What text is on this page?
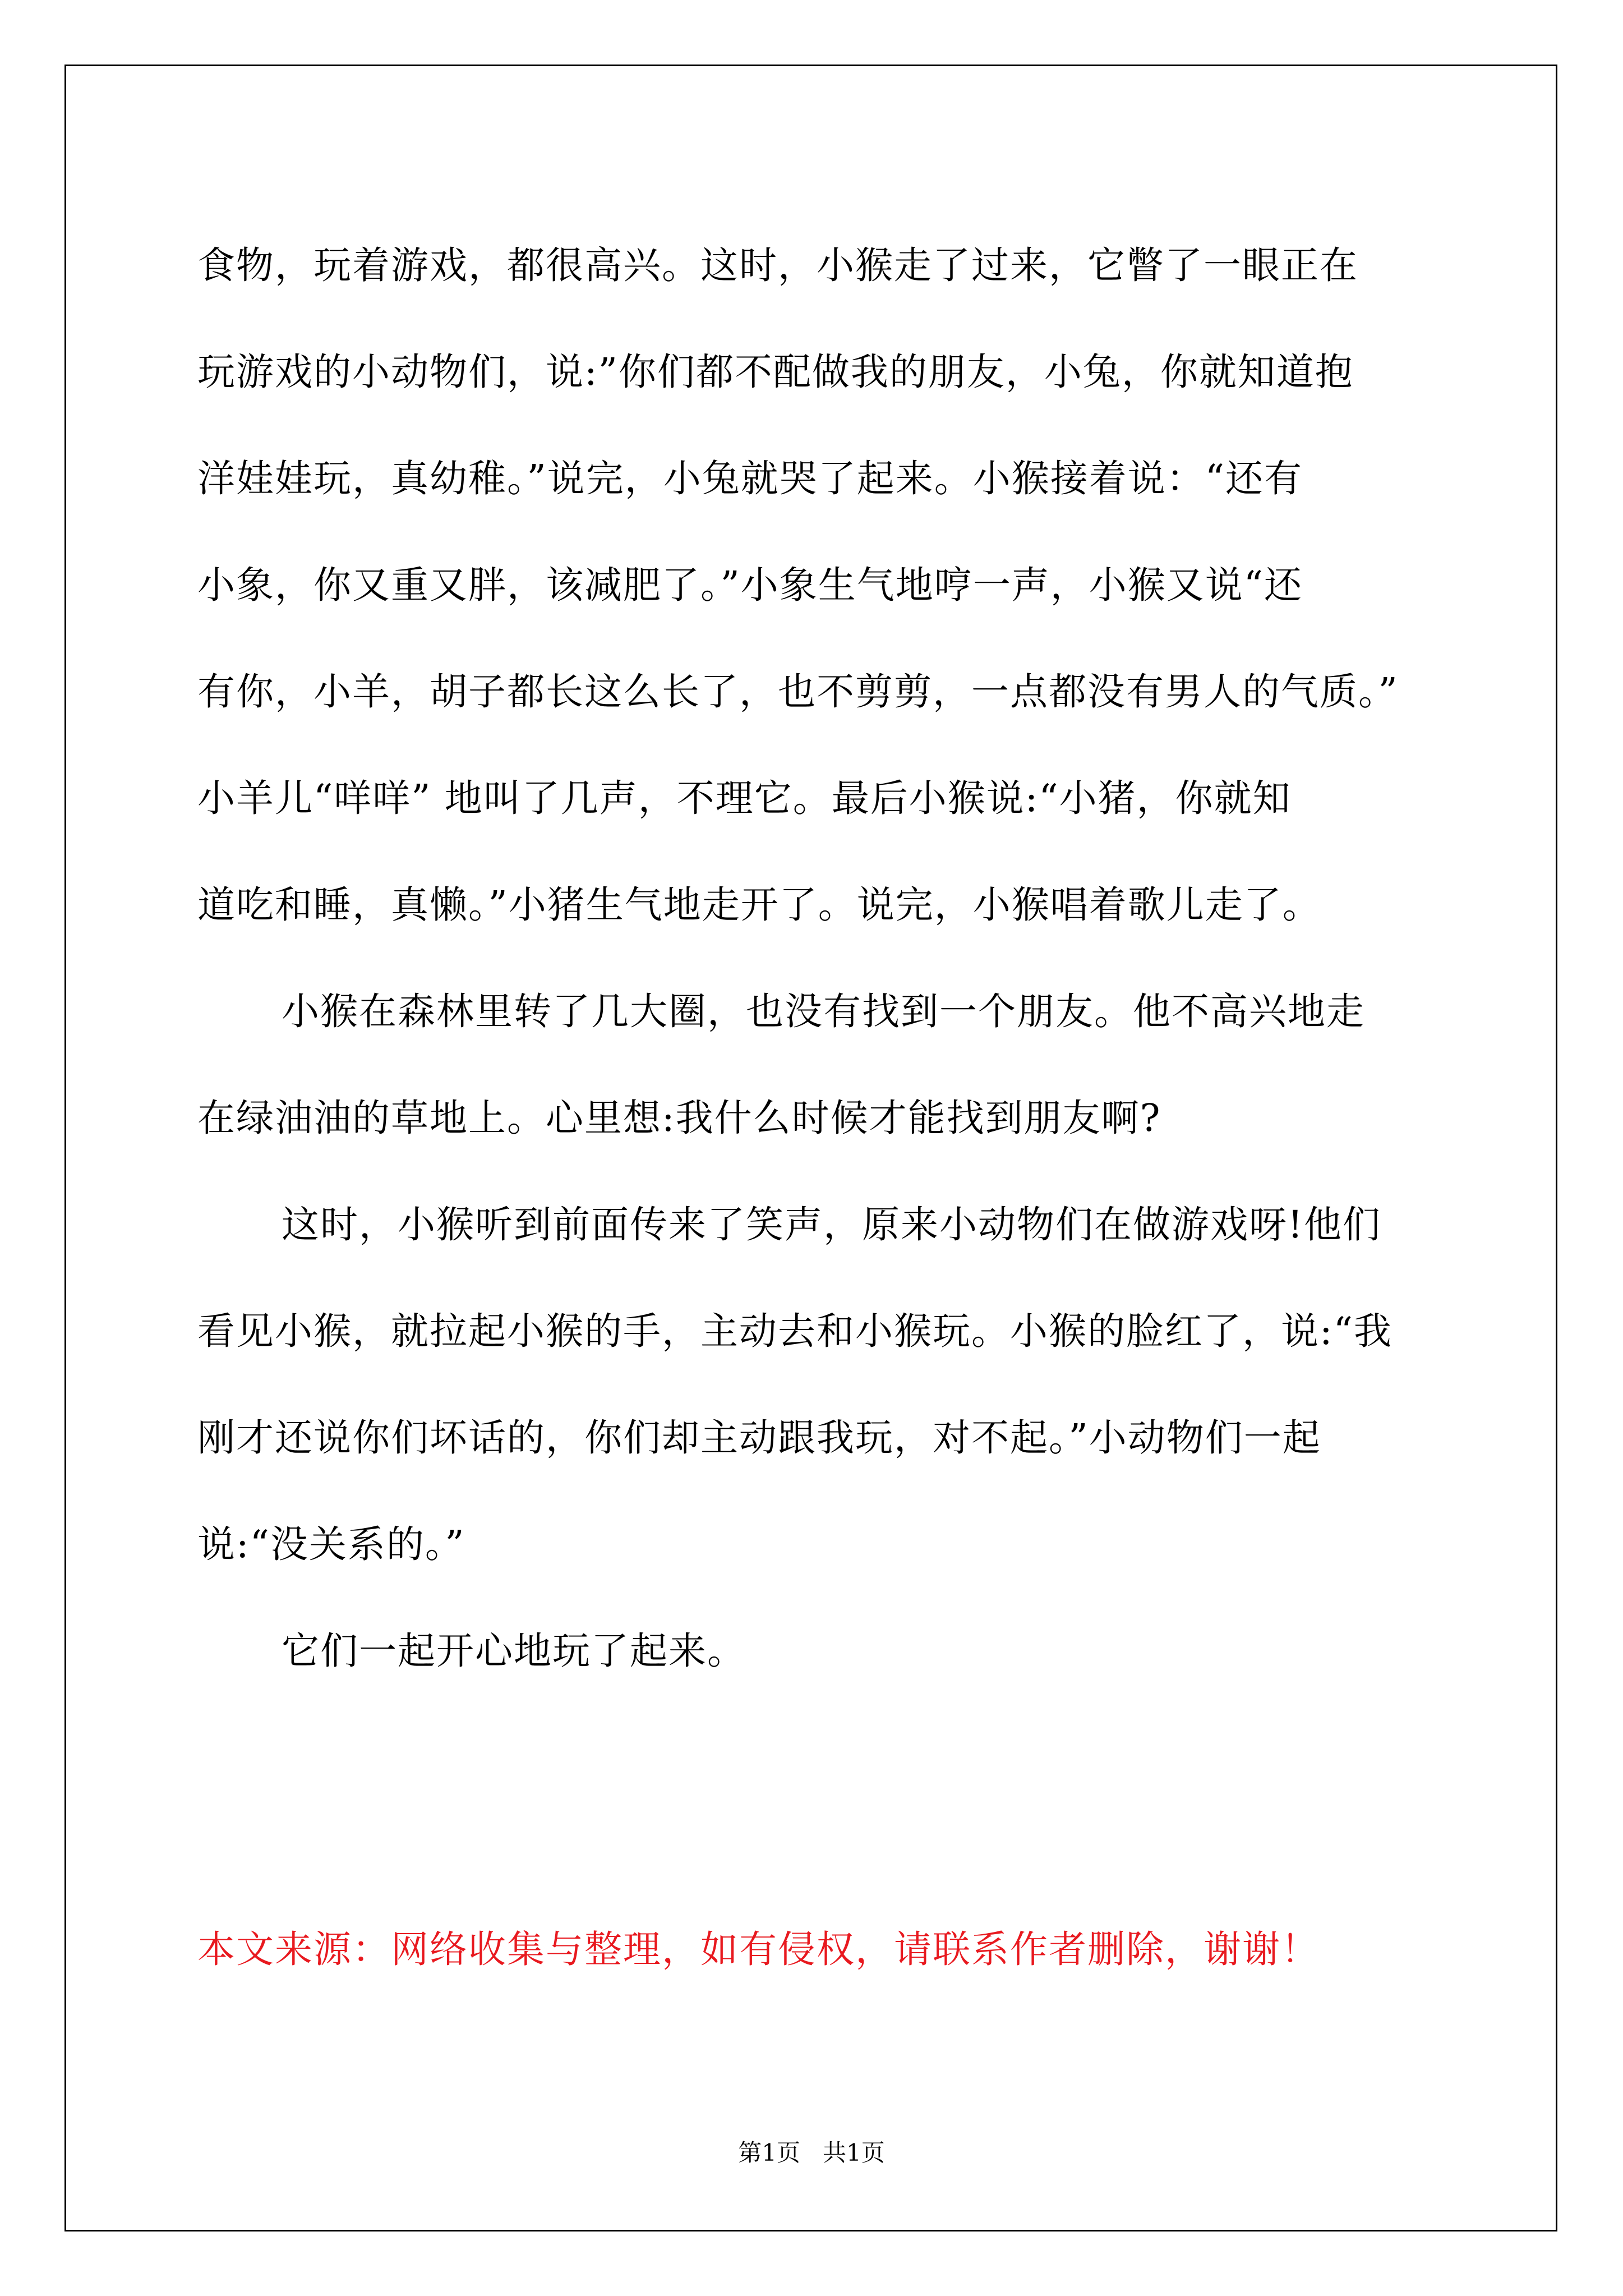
食物，玩着游戏，都很高兴。这时，小猴走了过来，它瞥了一眼正在
玩游戏的小动物们，说:”你们都不配做我的朋友，小兔，你就知道抱
洋娃娃玩，真幼稚。”说完，小兔就哭了起来。小猴接着说：“还有
小象，你又重又胖，该减肥了。”小象生气地哼一声，小猴又说“还
有你，小羊，胡子都长这么长了，也不剪剪，一点都没有男人的气质。”
小羊儿“咩咩” 地叫了几声，不理它。最后小猴说:“小猪，你就知
道吃和睡，真懒。”小猪生气地走开了。说完，小猴唱着歌儿走了。
小猴在森林里转了几大圈，也没有找到一个朋友。他不高兴地走
在绿油油的草地上。心里想:我什么时候才能找到朋友啊?
这时，小猴听到前面传来了笑声，原来小动物们在做游戏呀!他们
看见小猴，就拉起小猴的手，主动去和小猴玩。小猴的脸红了，说:“我
刚才还说你们坏话的，你们却主动跟我玩，对不起。”小动物们一起
说:“没关系的。”
它们一起开心地玩了起来。
本文来源：网络收集与整理，如有侵权，请联系作者删除，谢谢！
第1页   共1页
